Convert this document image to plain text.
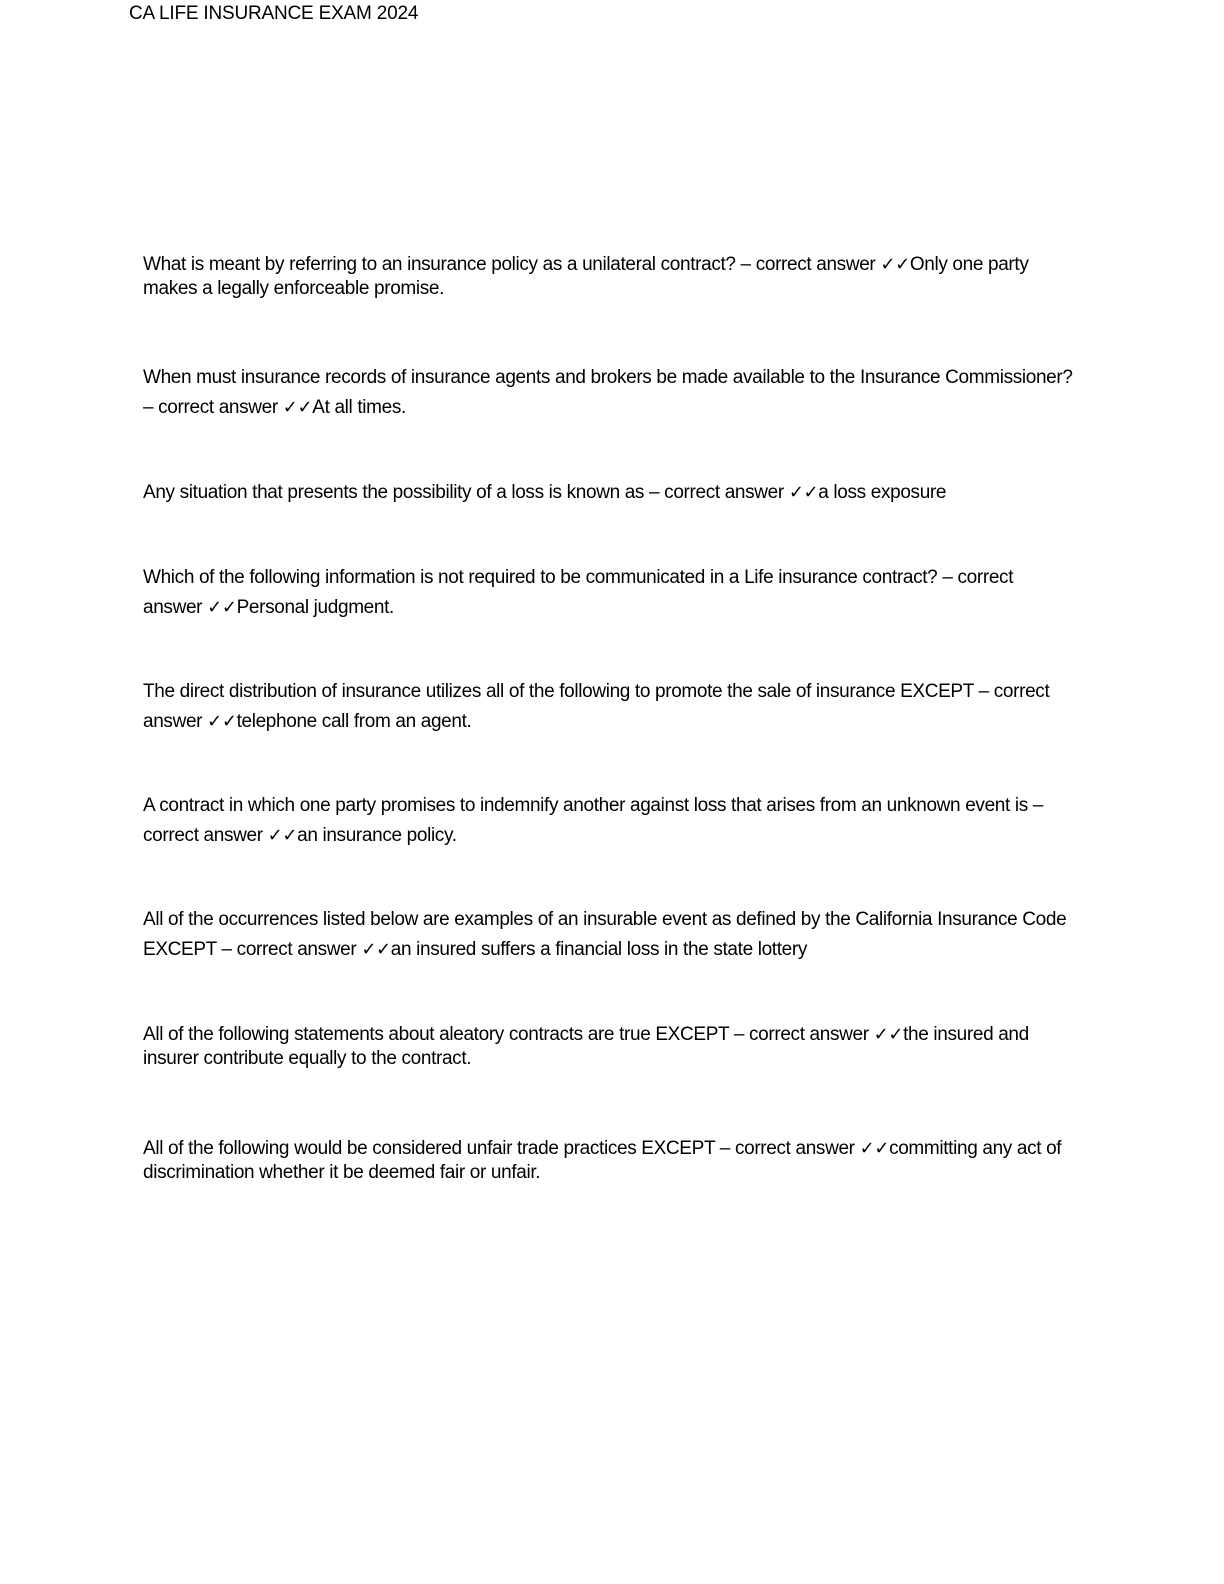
CA LIFE INSURANCE EXAM 2024

What is meant by referring to an insurance policy as a unilateral contract? – correct answer ✓✓Only one party makes a legally enforceable promise.

When must insurance records of insurance agents and brokers be made available to the Insurance Commissioner? – correct answer ✓✓At all times.

Any situation that presents the possibility of a loss is known as – correct answer ✓✓a loss exposure

Which of the following information is not required to be communicated in a Life insurance contract? – correct answer ✓✓Personal judgment.

The direct distribution of insurance utilizes all of the following to promote the sale of insurance EXCEPT – correct answer ✓✓telephone call from an agent.

A contract in which one party promises to indemnify another against loss that arises from an unknown event is – correct answer ✓✓an insurance policy.

All of the occurrences listed below are examples of an insurable event as defined by the California Insurance Code EXCEPT – correct answer ✓✓an insured suffers a financial loss in the state lottery

All of the following statements about aleatory contracts are true EXCEPT – correct answer ✓✓the insured and insurer contribute equally to the contract.

All of the following would be considered unfair trade practices EXCEPT – correct answer ✓✓committing any act of discrimination whether it be deemed fair or unfair.
